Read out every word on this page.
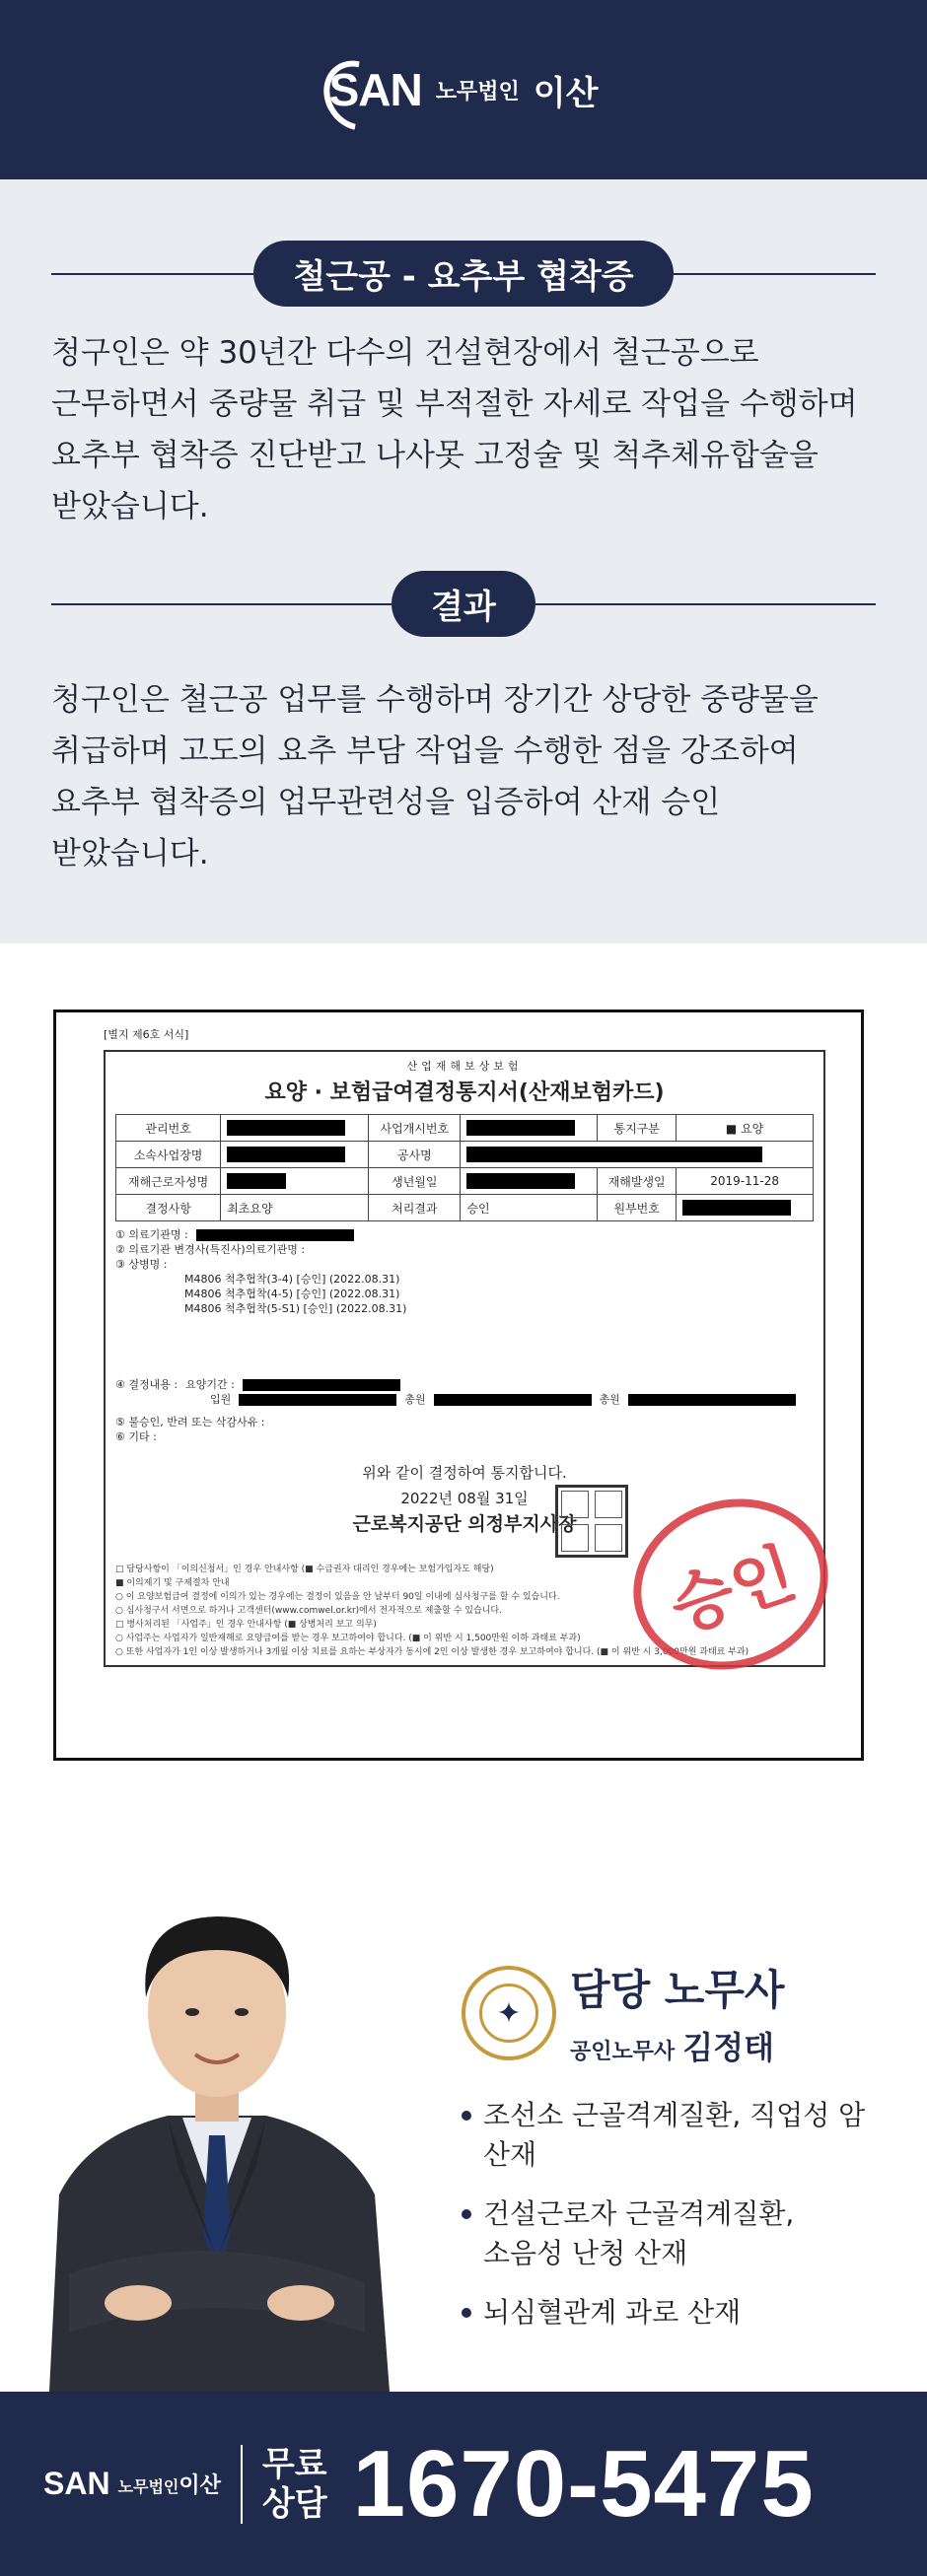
SAN 노무법인 이산
철근공 - 요추부 협착증

청구인은 약 30년간 다수의 건설현장에서 철근공으로 근무하면서 중량물 취급 및 부적절한 자세로 작업을 수행하며 요추부 협착증 진단받고 나사못 고정술 및 척추체유합술을 받았습니다.

결과

청구인은 철근공 업무를 수행하며 장기간 상당한 중량물을 취급하며 고도의 요추 부담 작업을 수행한 점을 강조하여 요추부 협착증의 업무관련성을 입증하여 산재 승인 받았습니다.

[별지 제6호 서식]
산업재해보상보험
요양 · 보험급여결정통지서(산재보험카드)
관리번호		사업개시번호		통지구분	■ 요양
소속사업장명		공사명			
재해근로자성명		생년월일		재해발생일	2019-11-28
결정사항	최초요양	처리결과	승인	원부번호	
① 의료기관명 :
② 의료기관 변경사(특진사)의료기관명 :
③ 상병명 :
M4806 척추협착(3-4) [승인] (2022.08.31)
M4806 척추협착(4-5) [승인] (2022.08.31)
M4806 척추협착(5-S1) [승인] (2022.08.31)
④ 결정내용 : 요양기간 :
입원	총원	총원
⑤ 불승인, 반려 또는 삭감사유 :
⑥ 기타 :
위와 같이 결정하여 통지합니다.
2022년 08월 31일
근로복지공단 의정부지사장
□ 담당사항이 「이의신청서」인 경우 안내사항 (■ 수급권자 대리인 경우에는 보험가입자도 해당)
■ 이의제기 및 구제절차 안내
○ 이 요양보험급여 결정에 이의가 있는 경우에는 결정이 있음을 안 날부터 90일 이내에 심사청구를 할 수 있습니다.
○ 심사청구서 서면으로 하거나 고객센터(www.comwel.or.kr)에서 전자적으로 제출할 수 있습니다.
□ 병사처리된 「사업주」인 경우 안내사항 (■ 상병처리 보고 의무)
○ 사업주는 사업자가 일반재해로 요양급여를 받는 경우 보고하여야 합니다. (■ 이 위반 시 1,500만원 이하 과태료 부과)
○ 또한 사업자가 1인 이상 발생하거나 3개월 이상 치료를 요하는 부상자가 동시에 2인 이상 발생한 경우 보고하여야 합니다. (■ 이 위반 시 3,000만원 과태료 부과)
승인
✦	담당 노무사
공인노무사 김정태
조선소 근골격계질환, 직업성 암 산재
건설근로자 근골격계질환,
소음성 난청 산재
뇌심혈관계 과로 산재
SAN 노무법인이산
무료
상담 1670-5475
